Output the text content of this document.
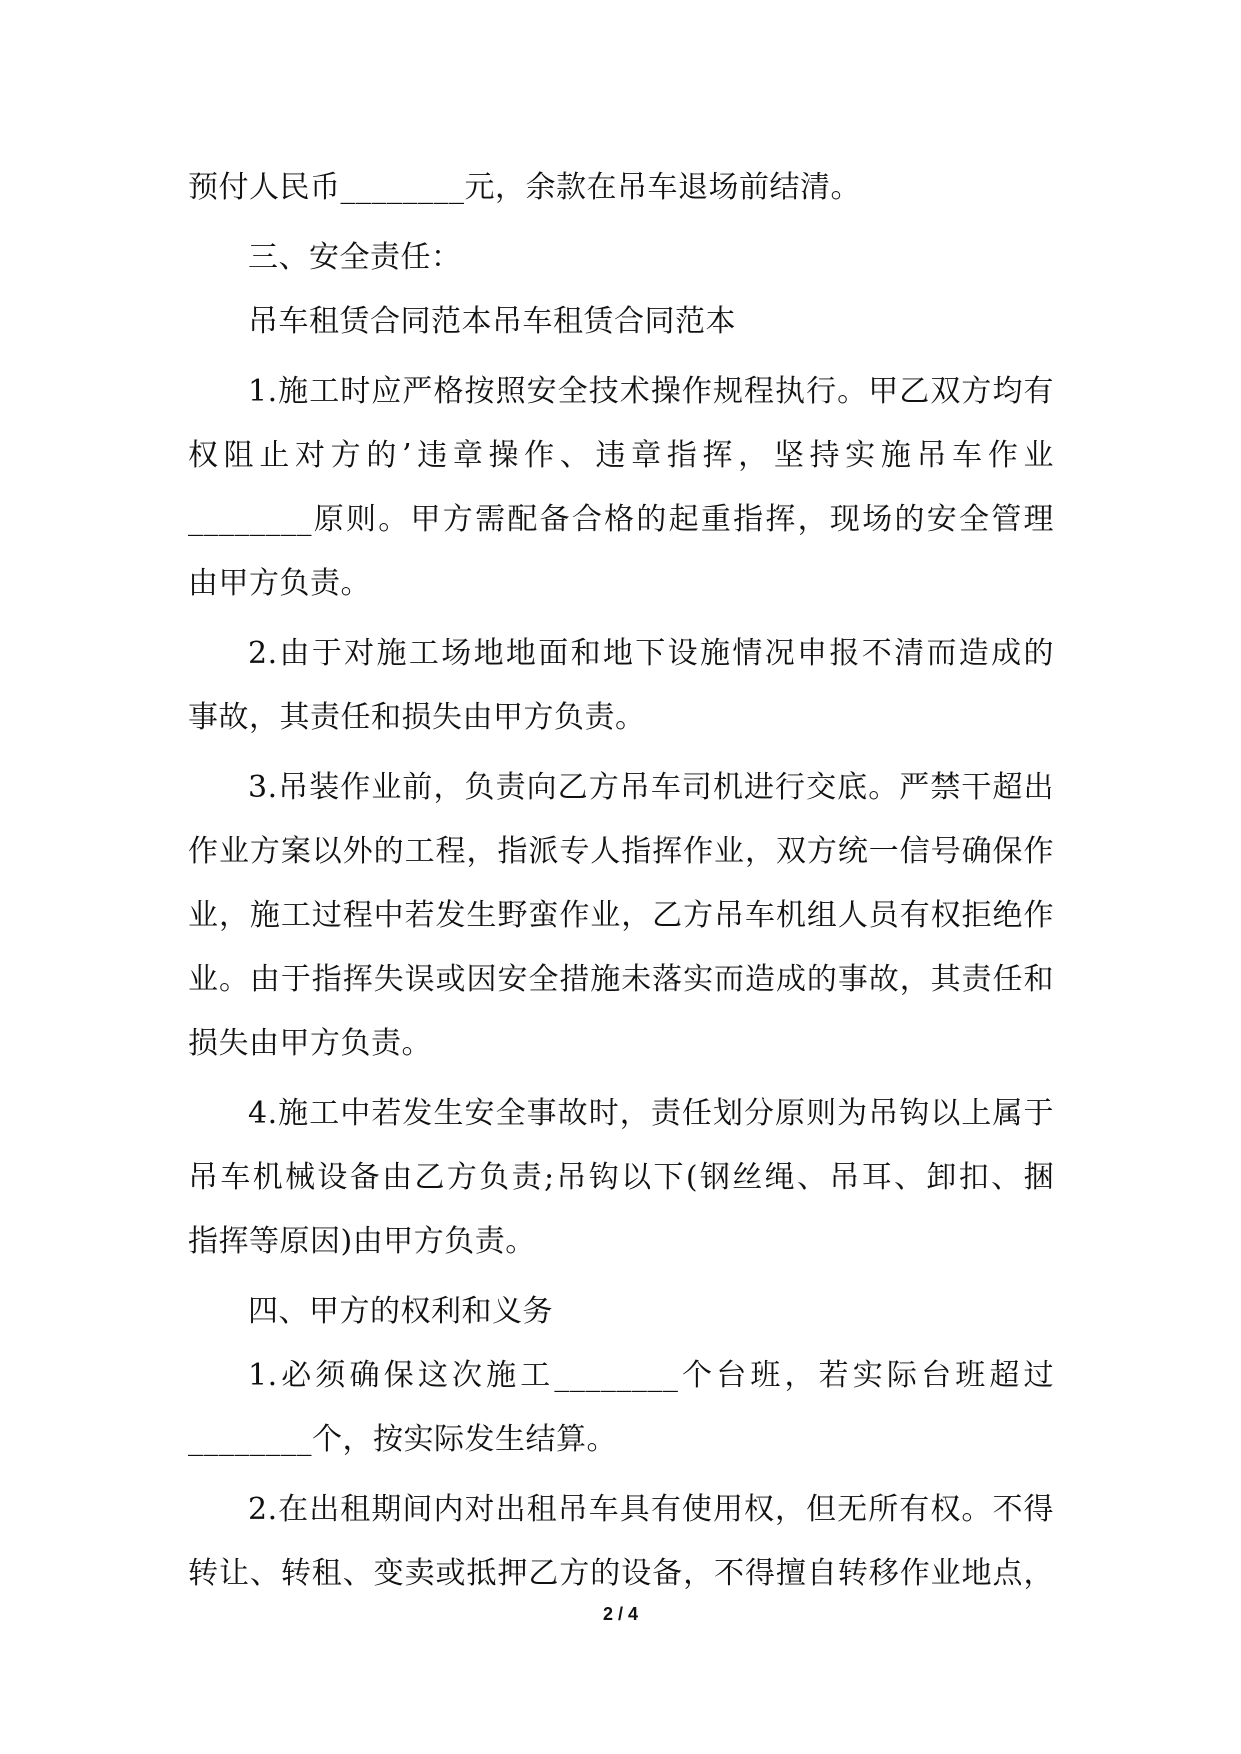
预付人民币________元，余款在吊车退场前结清。
三、安全责任：
吊车租赁合同范本吊车租赁合同范本
1.施工时应严格按照安全技术操作规程执行。甲乙双方均有
权阻止对方的’违章操作、违章指挥，坚持实施吊车作业
________原则。甲方需配备合格的起重指挥，现场的安全管理
由甲方负责。
2.由于对施工场地地面和地下设施情况申报不清而造成的
事故，其责任和损失由甲方负责。
3.吊装作业前，负责向乙方吊车司机进行交底。严禁干超出
作业方案以外的工程，指派专人指挥作业，双方统一信号确保作
业，施工过程中若发生野蛮作业，乙方吊车机组人员有权拒绝作
业。由于指挥失误或因安全措施未落实而造成的事故，其责任和
损失由甲方负责。
4.施工中若发生安全事故时，责任划分原则为吊钩以上属于
吊车机械设备由乙方负责;吊钩以下(钢丝绳、吊耳、卸扣、捆
指挥等原因)由甲方负责。
四、甲方的权利和义务
1.必须确保这次施工________个台班，若实际台班超过
________个，按实际发生结算。
2.在出租期间内对出租吊车具有使用权，但无所有权。不得
转让、转租、变卖或抵押乙方的设备，不得擅自转移作业地点，
2 / 4
